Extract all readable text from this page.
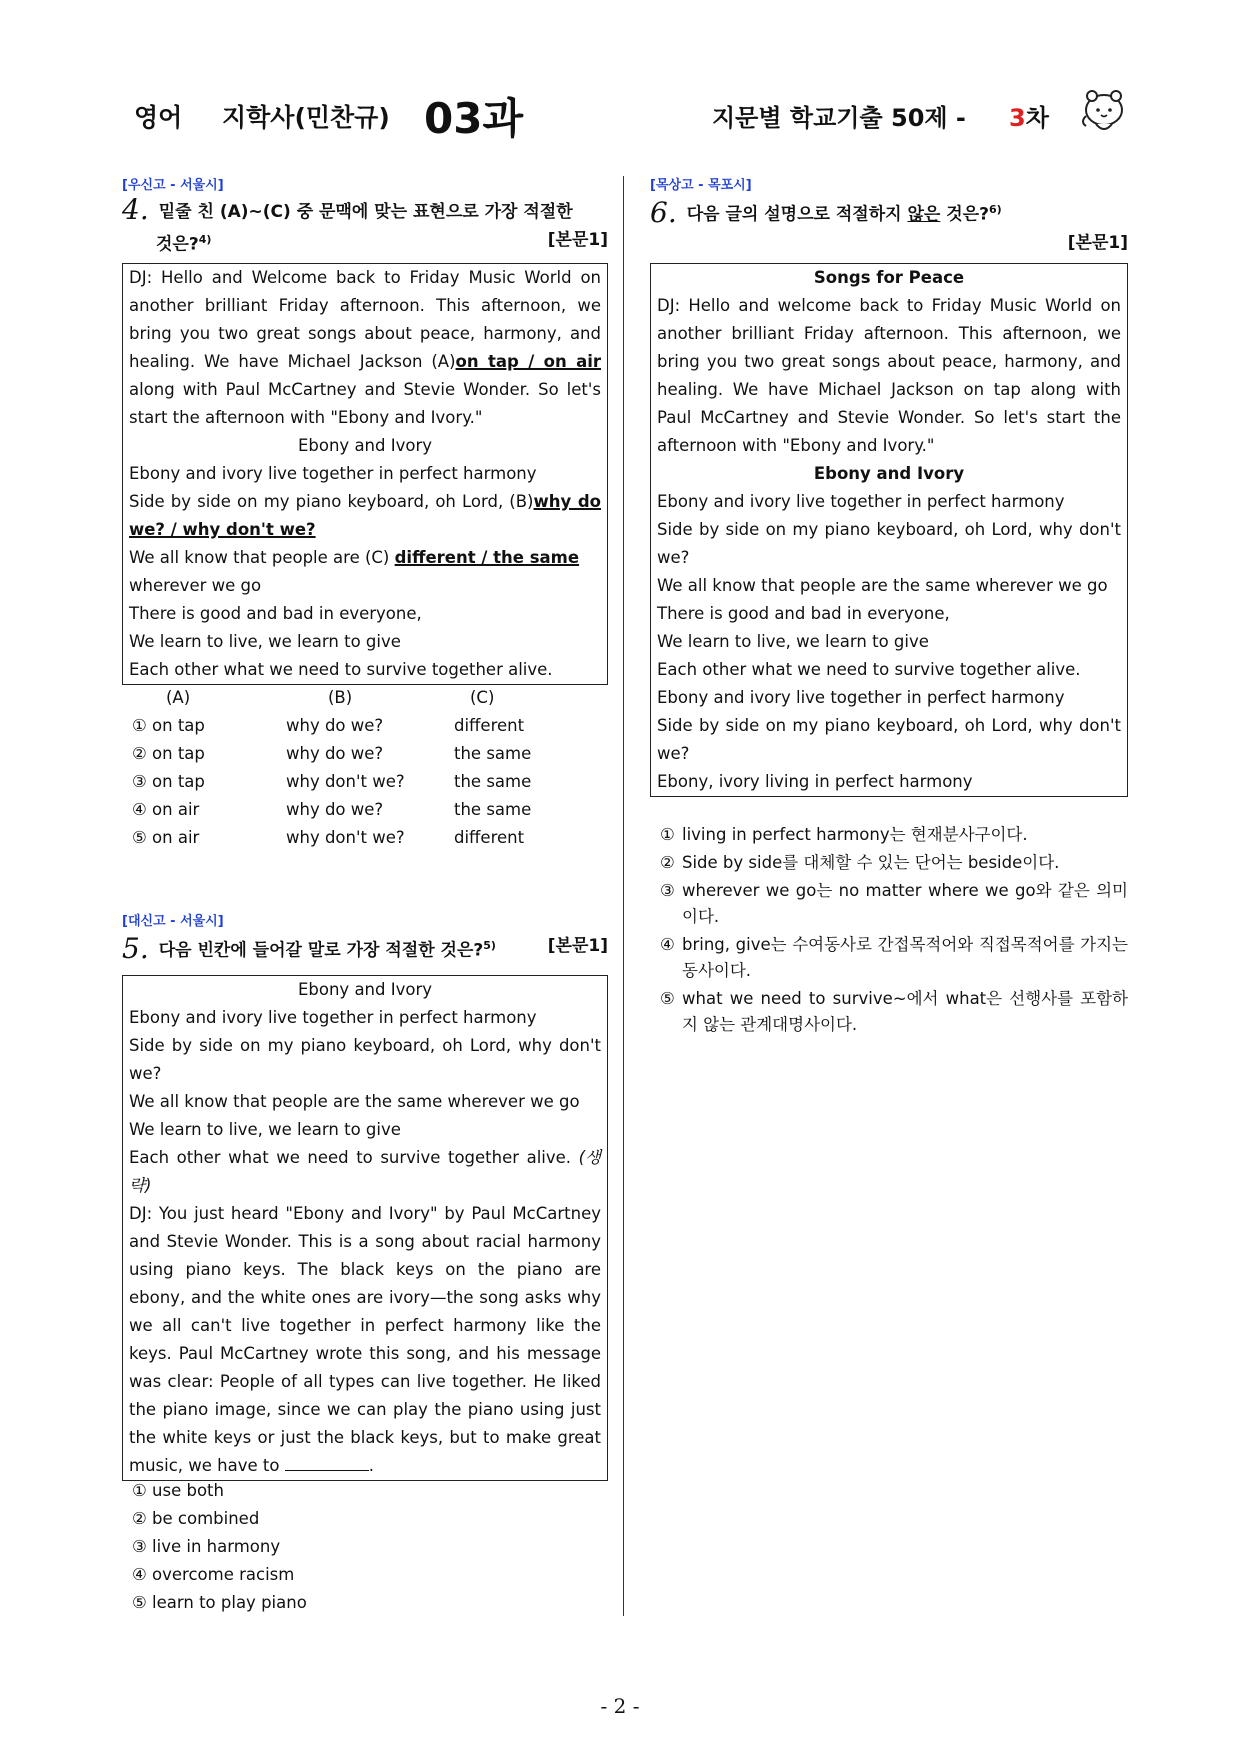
영어 지학사(민찬규) 03과	지문별 학교기출 50제 - 3차
[우신고 - 서울시]
4. 밑줄 친 (A)~(C) 중 문맥에 맞는 표현으로 가장 적절한
것은?$^{4)}$	[본문1]

DJ: Hello and Welcome back to Friday Music World on another brilliant Friday afternoon. This afternoon, we bring you two great songs about peace, harmony, and healing. We have Michael Jackson (A)on tap / on air along with Paul McCartney and Stevie Wonder. So let's start the afternoon with "Ebony and Ivory."

Ebony and Ivory

Ebony and ivory live together in perfect harmony

Side by side on my piano keyboard, oh Lord, (B)why do we? / why don't we?

We all know that people are (C) different / the same wherever we go

There is good and bad in everyone,

We learn to live, we learn to give

Each other what we need to survive together alive.

(A)	(B)	(C)
① on tap	why do we?	different
② on tap	why do we?	the same
③ on tap	why don't we?	the same
④ on air	why do we?	the same
⑤ on air	why don't we?	different
[대신고 - 서울시]
5. 다음 빈칸에 들어갈 말로 가장 적절한 것은?$^{5)}$	[본문1]

Ebony and Ivory

Ebony and ivory live together in perfect harmony

Side by side on my piano keyboard, oh Lord, why don't we?

We all know that people are the same wherever we go

We learn to live, we learn to give

Each other what we need to survive together alive. (생략)

DJ: You just heard "Ebony and Ivory" by Paul McCartney and Stevie Wonder. This is a song about racial harmony using piano keys. The black keys on the piano are ebony, and the white ones are ivory—the song asks why we all can't live together in perfect harmony like the keys. Paul McCartney wrote this song, and his message was clear: People of all types can live together. He liked the piano image, since we can play the piano using just the white keys or just the black keys, but to make great music, we have to	.

① use both
② be combined
③ live in harmony
④ overcome racism
⑤ learn to play piano
[목상고 - 목포시]
6. 다음 글의 설명으로 적절하지 않은 것은?$^{6)}$
[본문1]

Songs for Peace

DJ: Hello and welcome back to Friday Music World on another brilliant Friday afternoon. This afternoon, we bring you two great songs about peace, harmony, and healing. We have Michael Jackson on tap along with Paul McCartney and Stevie Wonder. So let's start the afternoon with "Ebony and Ivory."

Ebony and Ivory

Ebony and ivory live together in perfect harmony

Side by side on my piano keyboard, oh Lord, why don't we?

We all know that people are the same wherever we go

There is good and bad in everyone,

We learn to live, we learn to give

Each other what we need to survive together alive.

Ebony and ivory live together in perfect harmony

Side by side on my piano keyboard, oh Lord, why don't we?

Ebony, ivory living in perfect harmony

① living in perfect harmony는 현재분사구이다.
② Side by side를 대체할 수 있는 단어는 beside이다.
③ wherever we go는 no matter where we go와 같은 의미이다.
④ bring, give는 수여동사로 간접목적어와 직접목적어를 가지는 동사이다.
⑤ what we need to survive~에서 what은 선행사를 포함하지 않는 관계대명사이다.
- 2 -
